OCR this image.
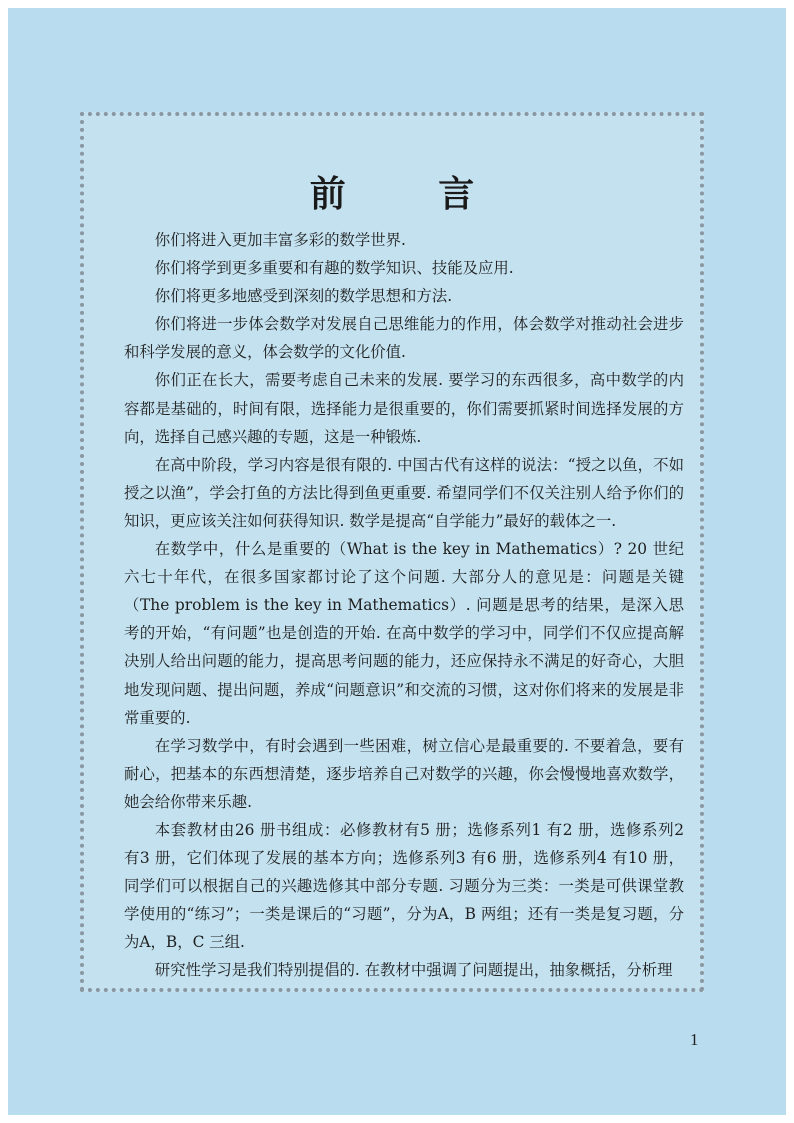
前 言

你们将进入更加丰富多彩的数学世界.

你们将学到更多重要和有趣的数学知识、技能及应用.

你们将更多地感受到深刻的数学思想和方法.

你们将进一步体会数学对发展自己思维能力的作用，体会数学对推动社会进步和科学发展的意义，体会数学的文化价值.

你们正在长大，需要考虑自己未来的发展. 要学习的东西很多，高中数学的内容都是基础的，时间有限，选择能力是很重要的，你们需要抓紧时间选择发展的方向，选择自己感兴趣的专题，这是一种锻炼.

在高中阶段，学习内容是很有限的. 中国古代有这样的说法：“授之以鱼，不如授之以渔”，学会打鱼的方法比得到鱼更重要. 希望同学们不仅关注别人给予你们的知识，更应该关注如何获得知识. 数学是提高“自学能力”最好的载体之一.

在数学中，什么是重要的（What is the key in Mathematics）? 20 世纪六七十年代，在很多国家都讨论了这个问题. 大部分人的意见是：问题是关键（The problem is the key in Mathematics）. 问题是思考的结果，是深入思考的开始，“有问题”也是创造的开始. 在高中数学的学习中，同学们不仅应提高解决别人给出问题的能力，提高思考问题的能力，还应保持永不满足的好奇心，大胆地发现问题、提出问题，养成“问题意识”和交流的习惯，这对你们将来的发展是非常重要的.

在学习数学中，有时会遇到一些困难，树立信心是最重要的. 不要着急，要有耐心，把基本的东西想清楚，逐步培养自己对数学的兴趣，你会慢慢地喜欢数学，她会给你带来乐趣.

本套教材由26 册书组成：必修教材有5 册；选修系列1 有2 册，选修系列2 有3 册，它们体现了发展的基本方向；选修系列3 有6 册，选修系列4 有10 册，同学们可以根据自己的兴趣选修其中部分专题. 习题分为三类：一类是可供课堂教学使用的“练习”；一类是课后的“习题”，分为A，B 两组；还有一类是复习题，分为A，B，C 三组.

研究性学习是我们特别提倡的. 在教材中强调了问题提出，抽象概括，分析理

1
